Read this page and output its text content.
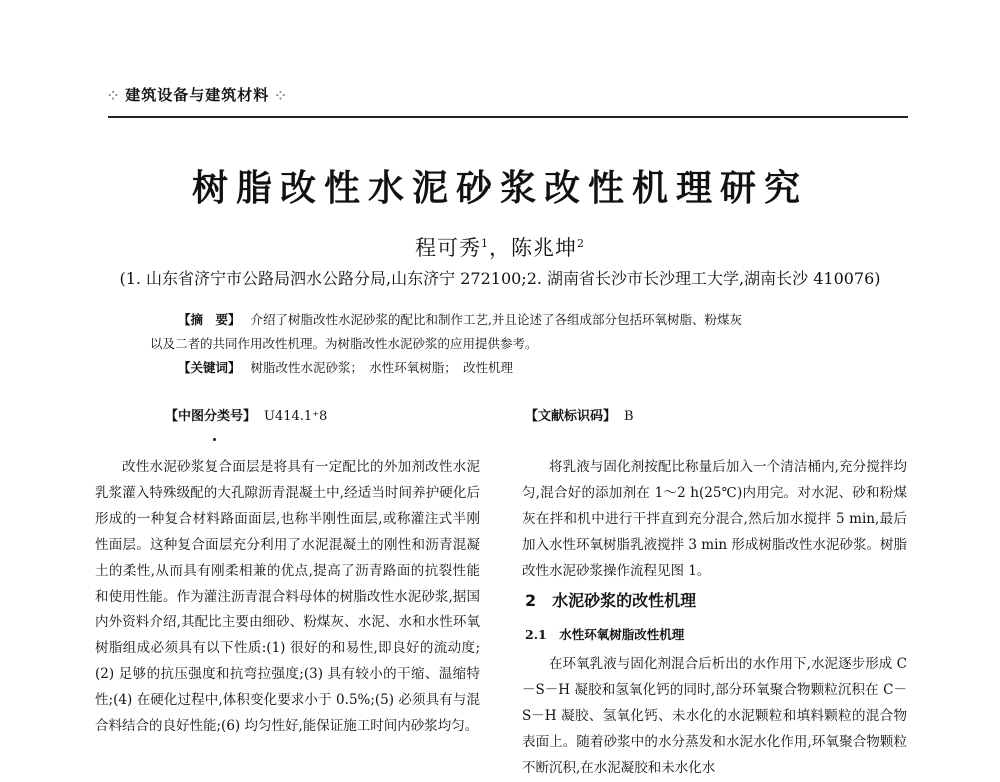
⁘ 建筑设备与建筑材料 ⁘
树脂改性水泥砂浆改性机理研究
程可秀$^1$，陈兆坤$^2$
(1. 山东省济宁市公路局泗水公路分局,山东济宁 272100;2. 湖南省长沙市长沙理工大学,湖南长沙 410076)
【摘　要】 介绍了树脂改性水泥砂浆的配比和制作工艺,并且论述了各组成部分包括环氧树脂、粉煤灰
以及二者的共同作用改性机理。为树脂改性水泥砂浆的应用提供参考。
【关键词】 树脂改性水泥砂浆；　水性环氧树脂；　改性机理
【中图分类号】 U414.1⁺8	【文献标识码】 B

改性水泥砂浆复合面层是将具有一定配比的外加剂改性水泥乳浆灌入特殊级配的大孔隙沥青混凝土中,经适当时间养护硬化后形成的一种复合材料路面面层,也称半刚性面层,或称灌注式半刚性面层。这种复合面层充分利用了水泥混凝土的刚性和沥青混凝土的柔性,从而具有刚柔相兼的优点,提高了沥青路面的抗裂性能和使用性能。作为灌注沥青混合料母体的树脂改性水泥砂浆,据国内外资料介绍,其配比主要由细砂、粉煤灰、水泥、水和水性环氧树脂组成必须具有以下性质:(1) 很好的和易性,即良好的流动度;(2) 足够的抗压强度和抗弯拉强度;(3) 具有较小的干缩、温缩特性;(4) 在硬化过程中,体积变化要求小于 0.5%;(5) 必须具有与混合料结合的良好性能;(6) 均匀性好,能保证施工时间内砂浆均匀。

将乳液与固化剂按配比称量后加入一个清洁桶内,充分搅拌均匀,混合好的添加剂在 1～2 h(25℃)内用完。对水泥、砂和粉煤灰在拌和机中进行干拌直到充分混合,然后加水搅拌 5 min,最后加入水性环氧树脂乳液搅拌 3 min 形成树脂改性水泥砂浆。树脂改性水泥砂浆操作流程见图 1。

2　水泥砂浆的改性机理
2.1　水性环氧树脂改性机理

在环氧乳液与固化剂混合后析出的水作用下,水泥逐步形成 C－S－H 凝胶和氢氧化钙的同时,部分环氧聚合物颗粒沉积在 C－S－H 凝胶、氢氧化钙、未水化的水泥颗粒和填料颗粒的混合物表面上。随着砂浆中的水分蒸发和水泥水化作用,环氧聚合物颗粒不断沉积,在水泥凝胶和未水化水
